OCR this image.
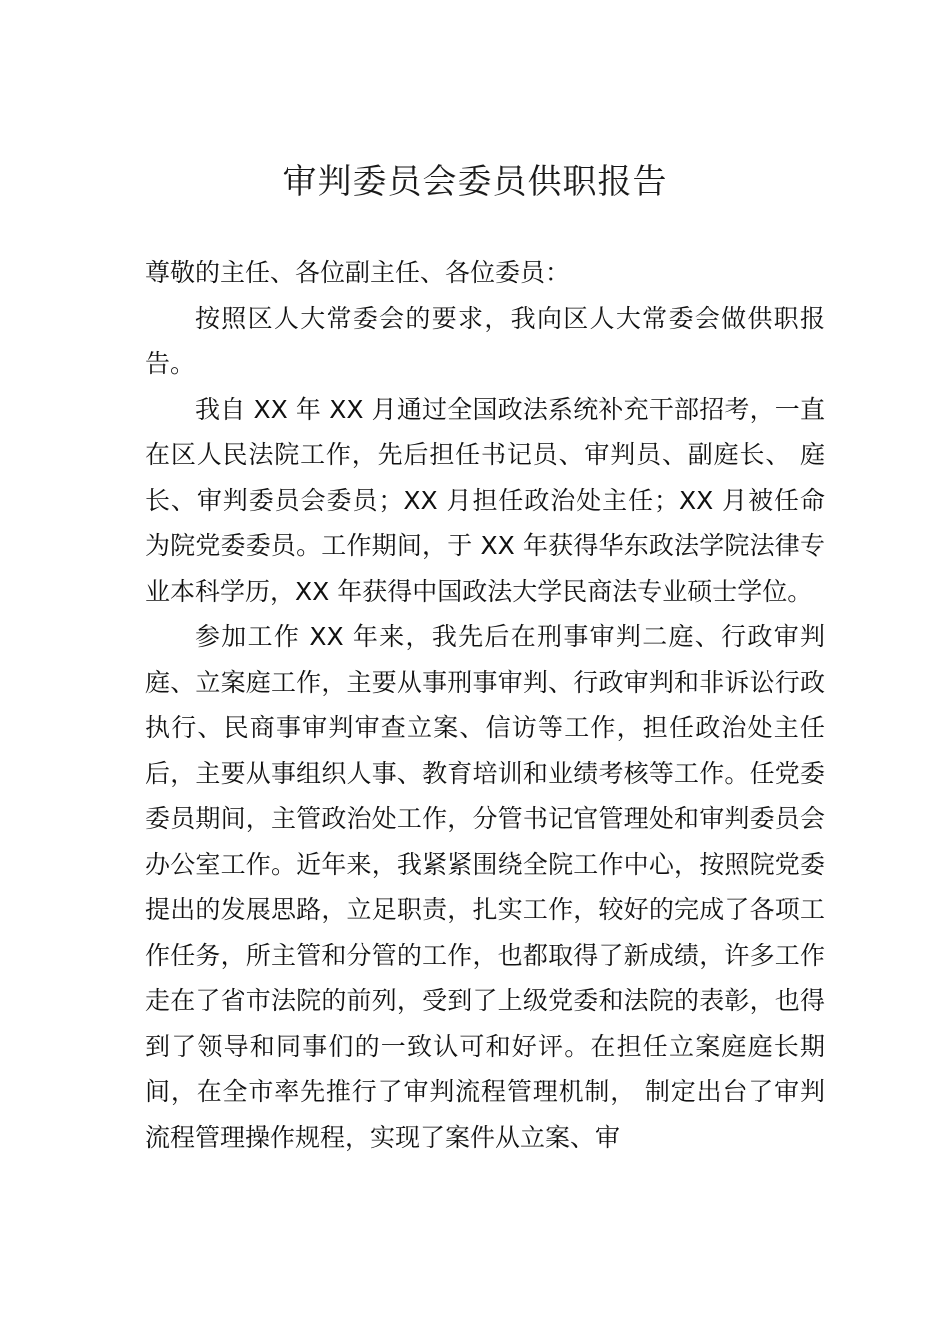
审判委员会委员供职报告

尊敬的主任、各位副主任、各位委员：

按照区人大常委会的要求，我向区人大常委会做供职报告。

我自 XX 年 XX 月通过全国政法系统补充干部招考，一直在区人民法院工作，先后担任书记员、审判员、副庭长、 庭长、审判委员会委员；XX 月担任政治处主任；XX 月被任命为院党委委员。工作期间，于 XX 年获得华东政法学院法律专业本科学历，XX 年获得中国政法大学民商法专业硕士学位。

参加工作 XX 年来，我先后在刑事审判二庭、行政审判庭、立案庭工作，主要从事刑事审判、行政审判和非诉讼行政执行、民商事审判审查立案、信访等工作，担任政治处主任后，主要从事组织人事、教育培训和业绩考核等工作。任党委委员期间，主管政治处工作，分管书记官管理处和审判委员会办公室工作。近年来，我紧紧围绕全院工作中心，按照院党委提出的发展思路，立足职责，扎实工作，较好的完成了各项工作任务，所主管和分管的工作，也都取得了新成绩，许多工作走在了省市法院的前列，受到了上级党委和法院的表彰，也得到了领导和同事们的一致认可和好评。在担任立案庭庭长期间，在全市率先推行了审判流程管理机制， 制定出台了审判流程管理操作规程，实现了案件从立案、审
